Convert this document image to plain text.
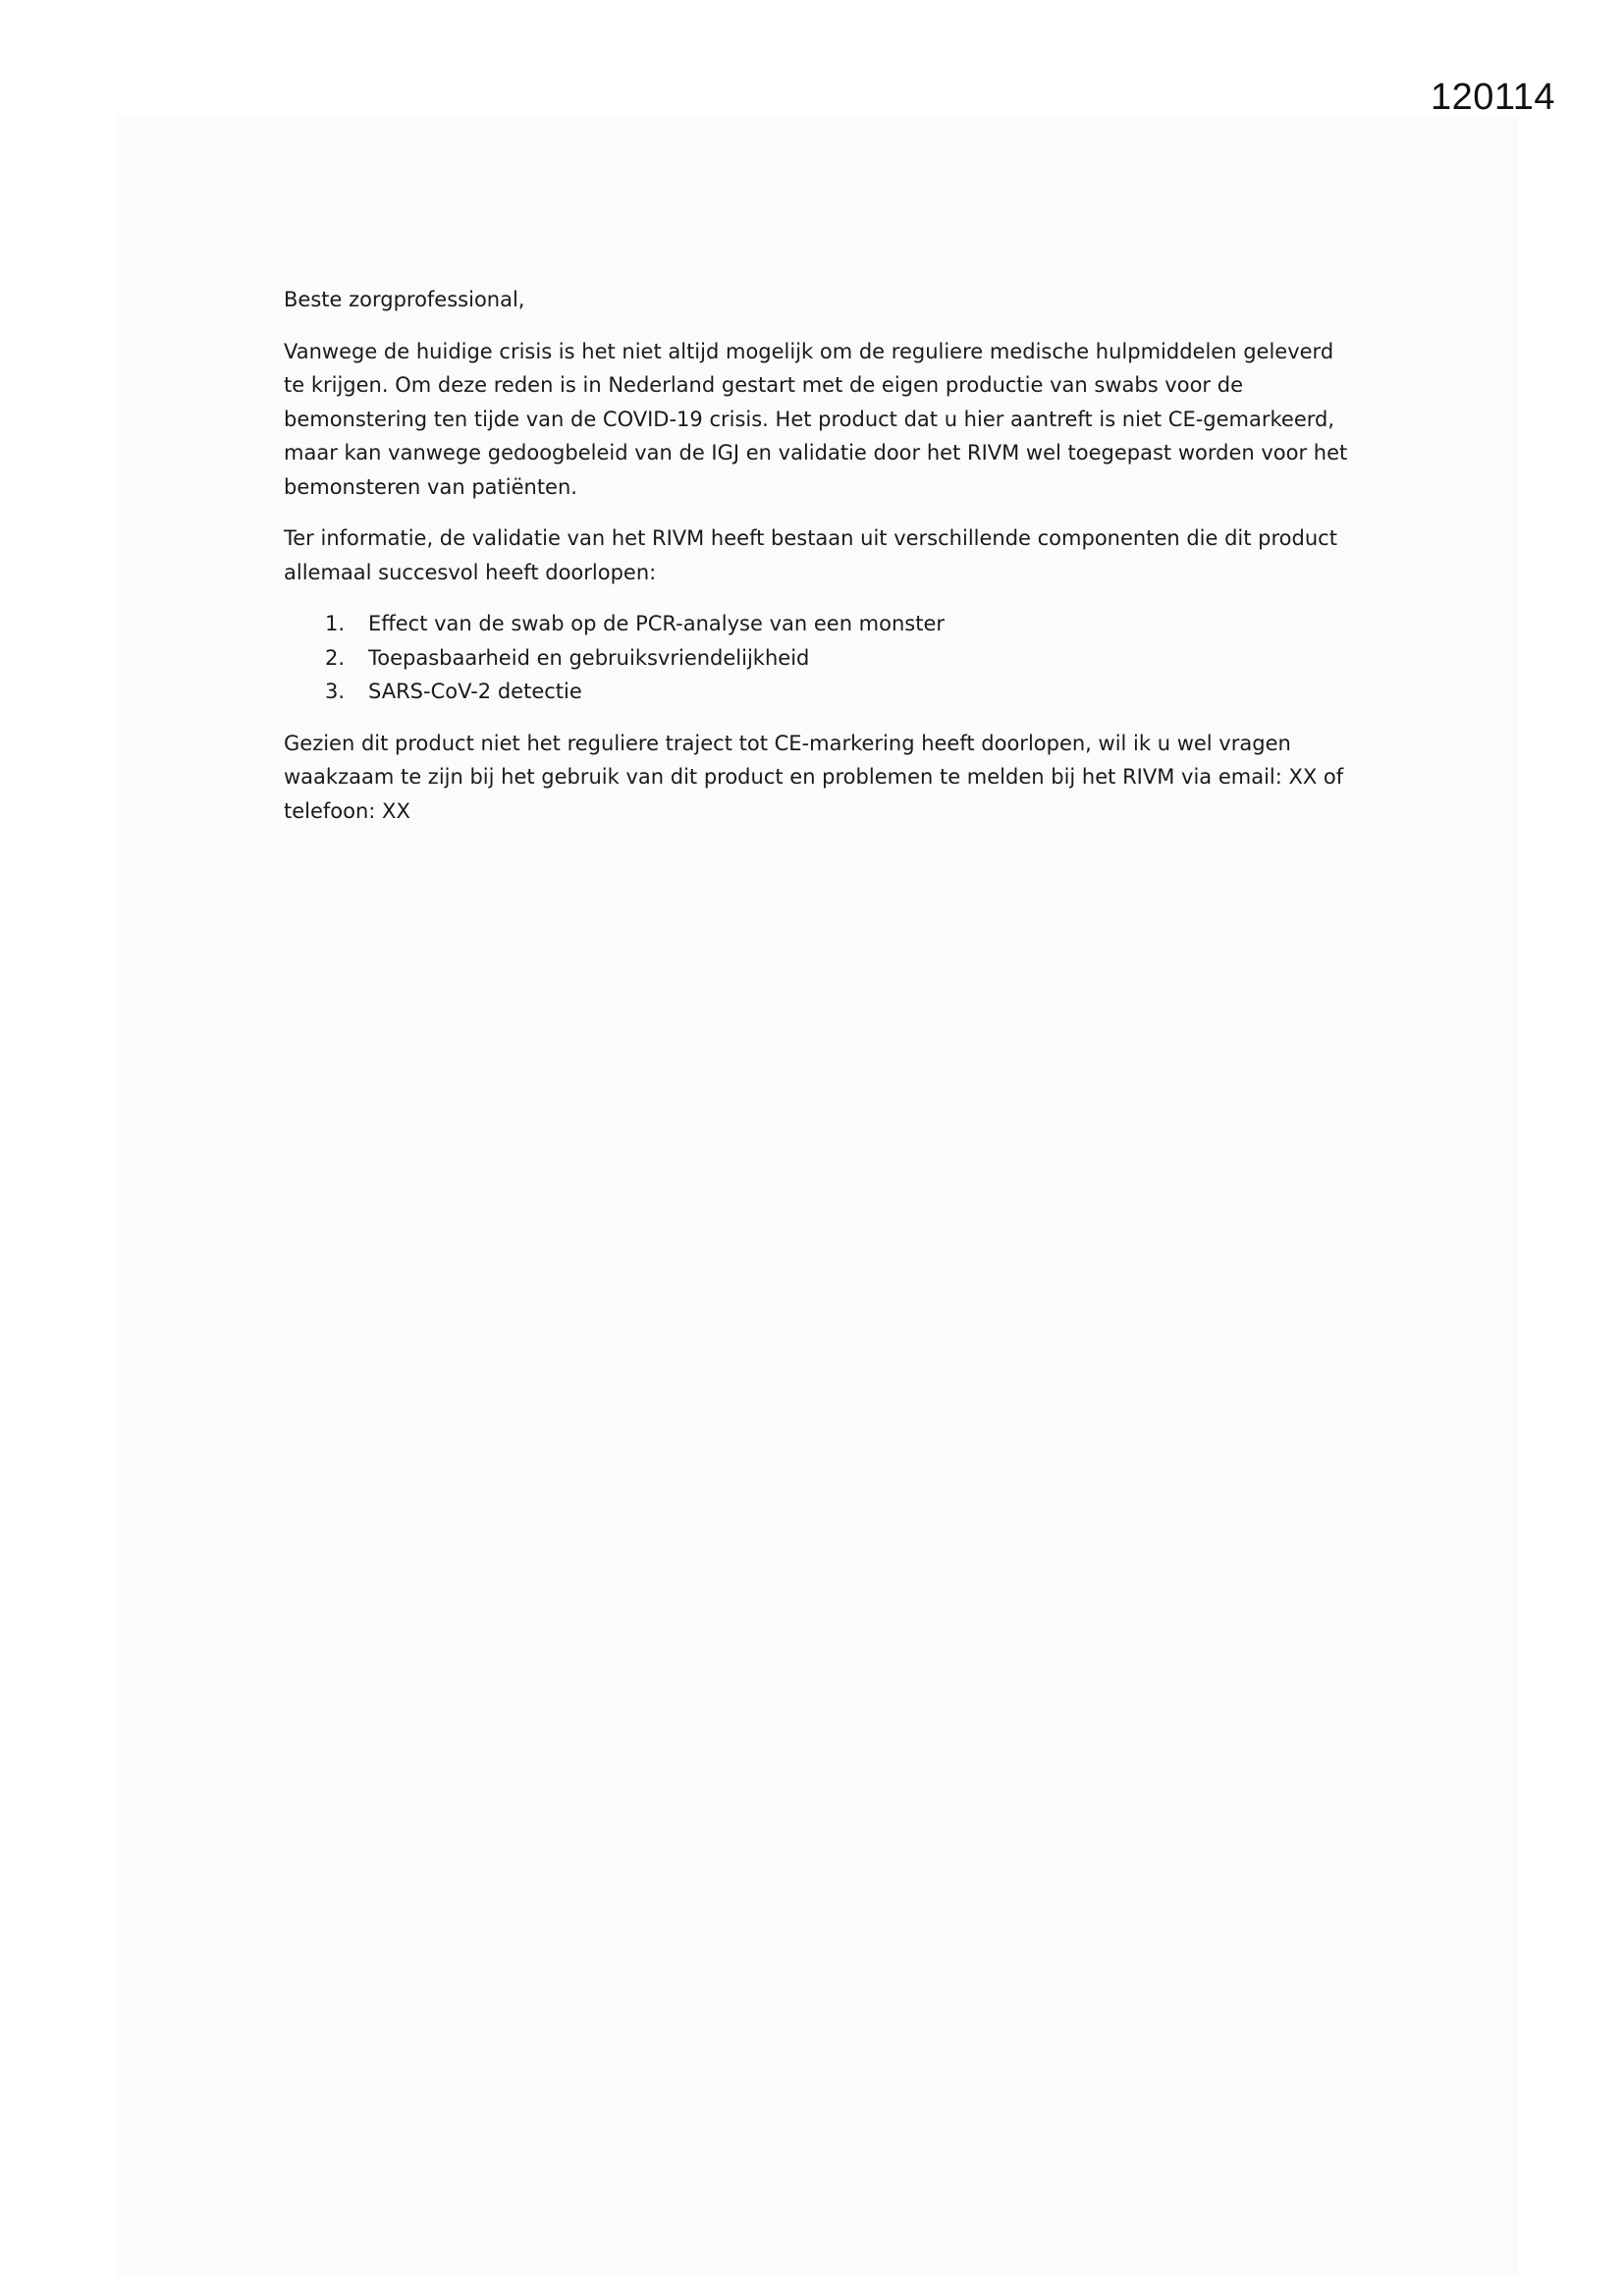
120114

Beste zorgprofessional,

Vanwege de huidige crisis is het niet altijd mogelijk om de reguliere medische hulpmiddelen geleverd te krijgen. Om deze reden is in Nederland gestart met de eigen productie van swabs voor de bemonstering ten tijde van de COVID-19 crisis. Het product dat u hier aantreft is niet CE-gemarkeerd, maar kan vanwege gedoogbeleid van de IGJ en validatie door het RIVM wel toegepast worden voor het bemonsteren van patiënten.

Ter informatie, de validatie van het RIVM heeft bestaan uit verschillende componenten die dit product allemaal succesvol heeft doorlopen:

1.	Effect van de swab op de PCR-analyse van een monster
2.	Toepasbaarheid en gebruiksvriendelijkheid
3.	SARS-CoV-2 detectie

Gezien dit product niet het reguliere traject tot CE-markering heeft doorlopen, wil ik u wel vragen waakzaam te zijn bij het gebruik van dit product en problemen te melden bij het RIVM via email: XX of telefoon: XX
